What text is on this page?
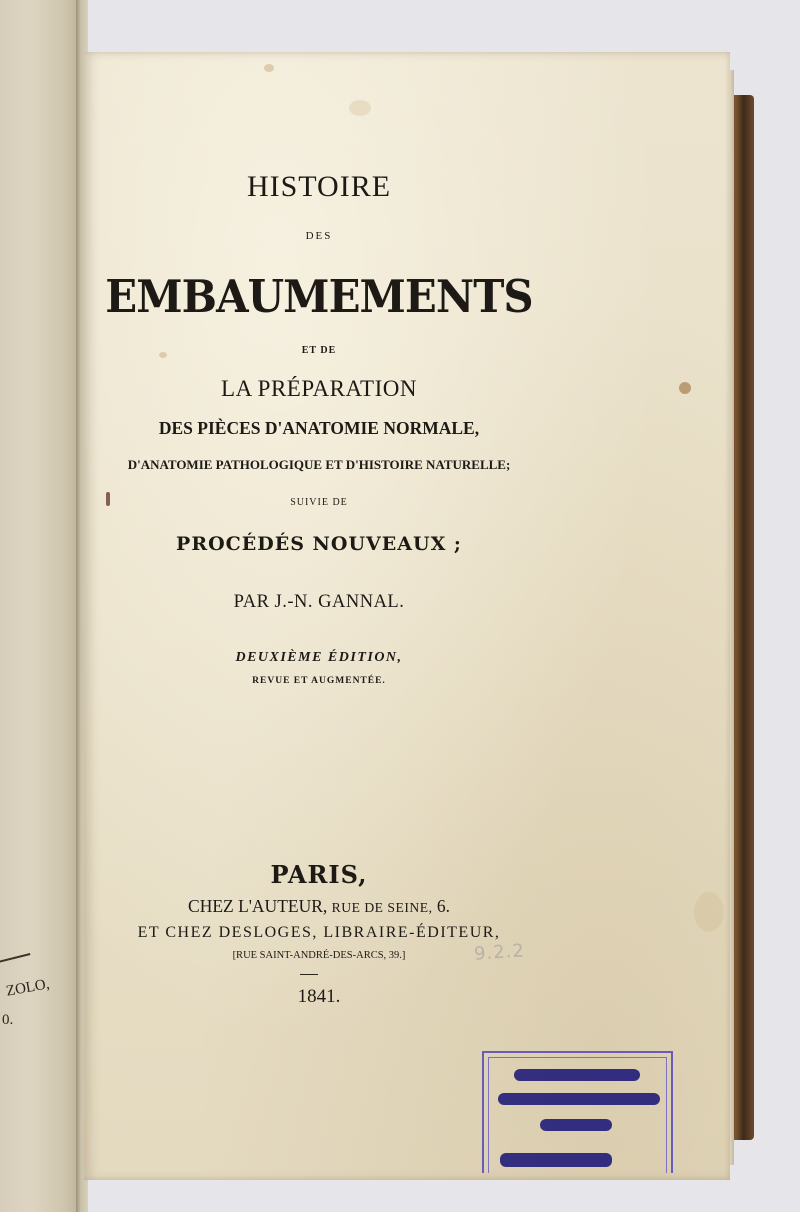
ZOLO,
0.
HISTOIRE
DES
EMBAUMEMENTS
ET DE
LA PRÉPARATION
DES PIÈCES D'ANATOMIE NORMALE,
D'ANATOMIE PATHOLOGIQUE ET D'HISTOIRE NATURELLE;
SUIVIE DE
PROCÉDÉS NOUVEAUX ;
PAR J.-N. GANNAL.
DEUXIÈME ÉDITION,
REVUE ET AUGMENTÉE.
PARIS,
CHEZ L'AUTEUR, RUE DE SEINE, 6.
ET CHEZ DESLOGES, LIBRAIRE-ÉDITEUR,
[RUE SAINT-ANDRÉ-DES-ARCS, 39.]
1841.
9.2.2
